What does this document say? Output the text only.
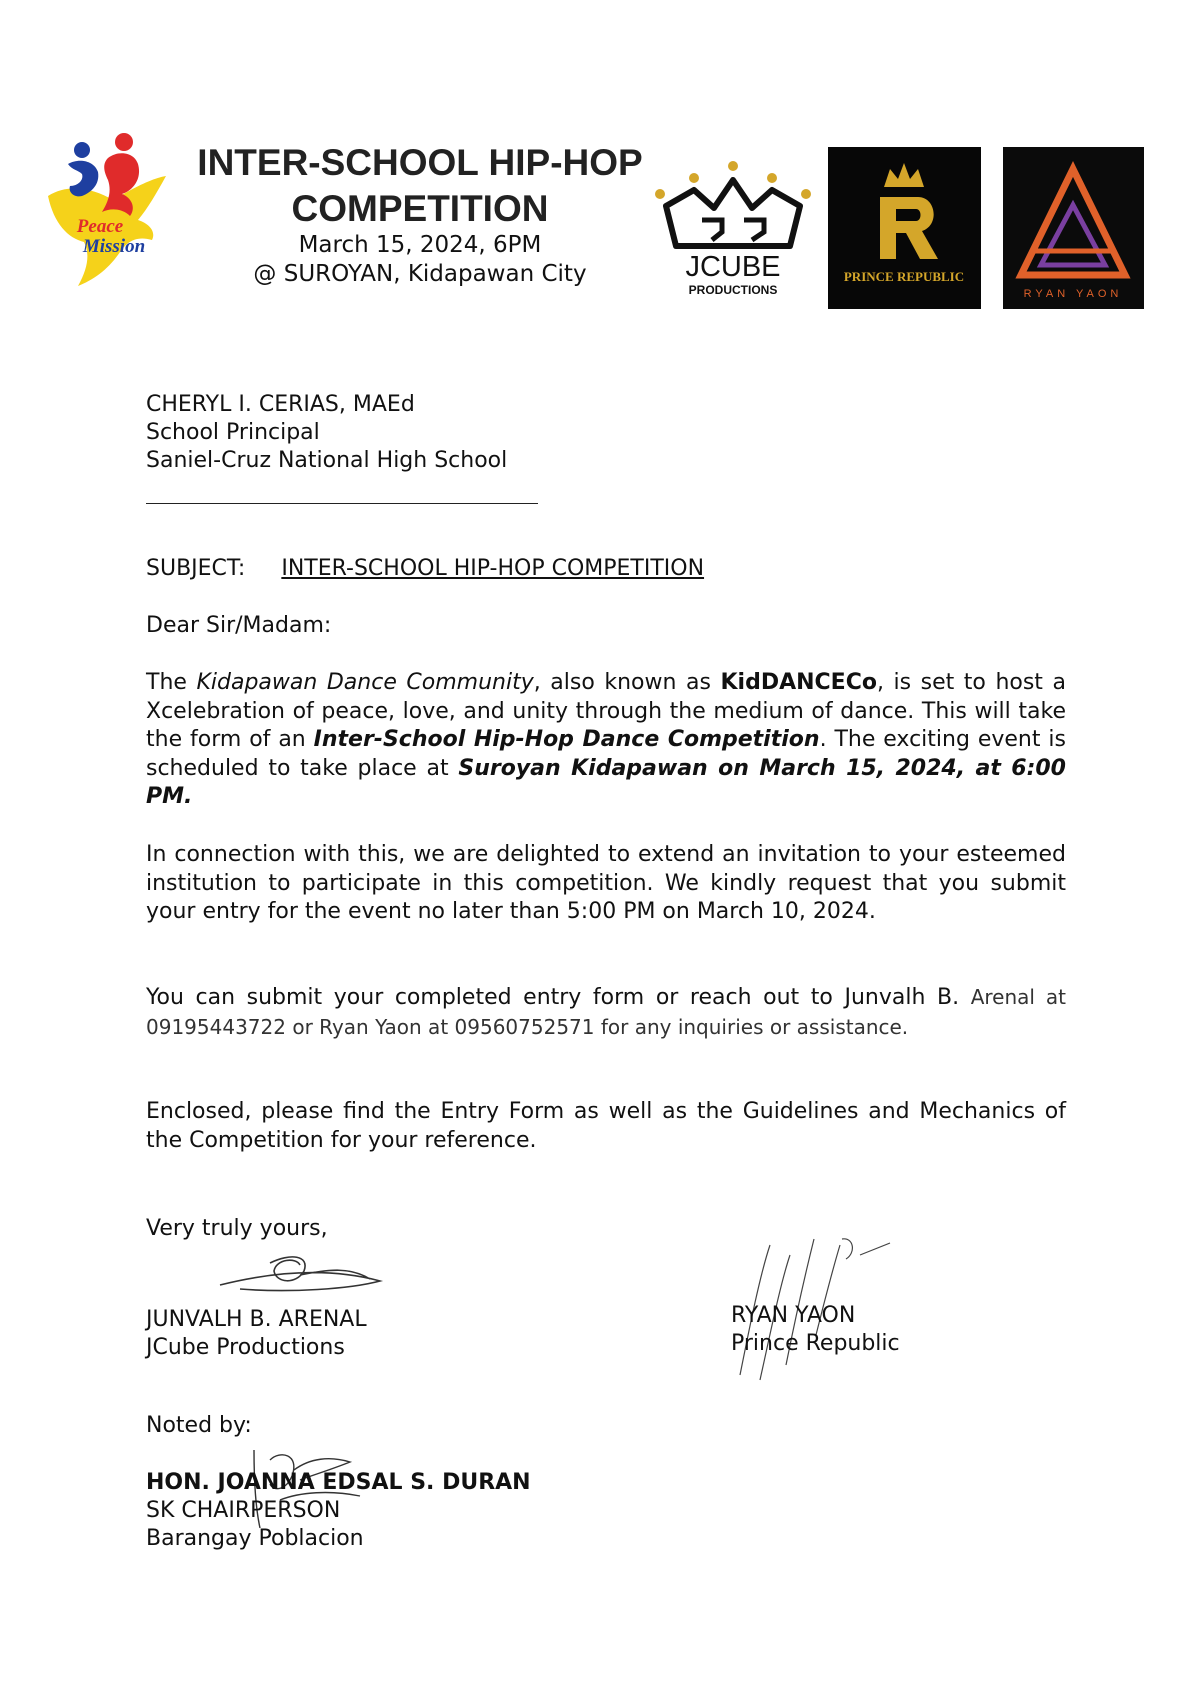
Peace
Mission
INTER-SCHOOL HIP-HOP
COMPETITION
March 15, 2024, 6PM
@ SUROYAN, Kidapawan City	JCUBE
PRODUCTIONS
PRINCE REPUBLIC
RYAN YAON
CHERYL I. CERIAS, MAEd
School Principal
Saniel-Cruz National High School
SUBJECT: INTER-SCHOOL HIP-HOP COMPETITION
Dear Sir/Madam:
The Kidapawan Dance Community, also known as KidDANCECo, is set to host a Xcelebration of peace, love, and unity through the medium of dance. This will take the form of an Inter-School Hip-Hop Dance Competition. The exciting event is scheduled to take place at Suroyan Kidapawan on March 15, 2024, at 6:00 PM.
In connection with this, we are delighted to extend an invitation to your esteemed institution to participate in this competition. We kindly request that you submit your entry for the event no later than 5:00 PM on March 10, 2024.
You can submit your completed entry form or reach out to Junvalh B. Arenal at 09195443722 or Ryan Yaon at 09560752571 for any inquiries or assistance.
Enclosed, please find the Entry Form as well as the Guidelines and Mechanics of the Competition for your reference.
Very truly yours,
JUNVALH B. ARENAL
JCube Productions
RYAN YAON
Prince Republic
Noted by:
HON. JOANNA EDSAL S. DURAN
SK CHAIRPERSON
Barangay Poblacion
